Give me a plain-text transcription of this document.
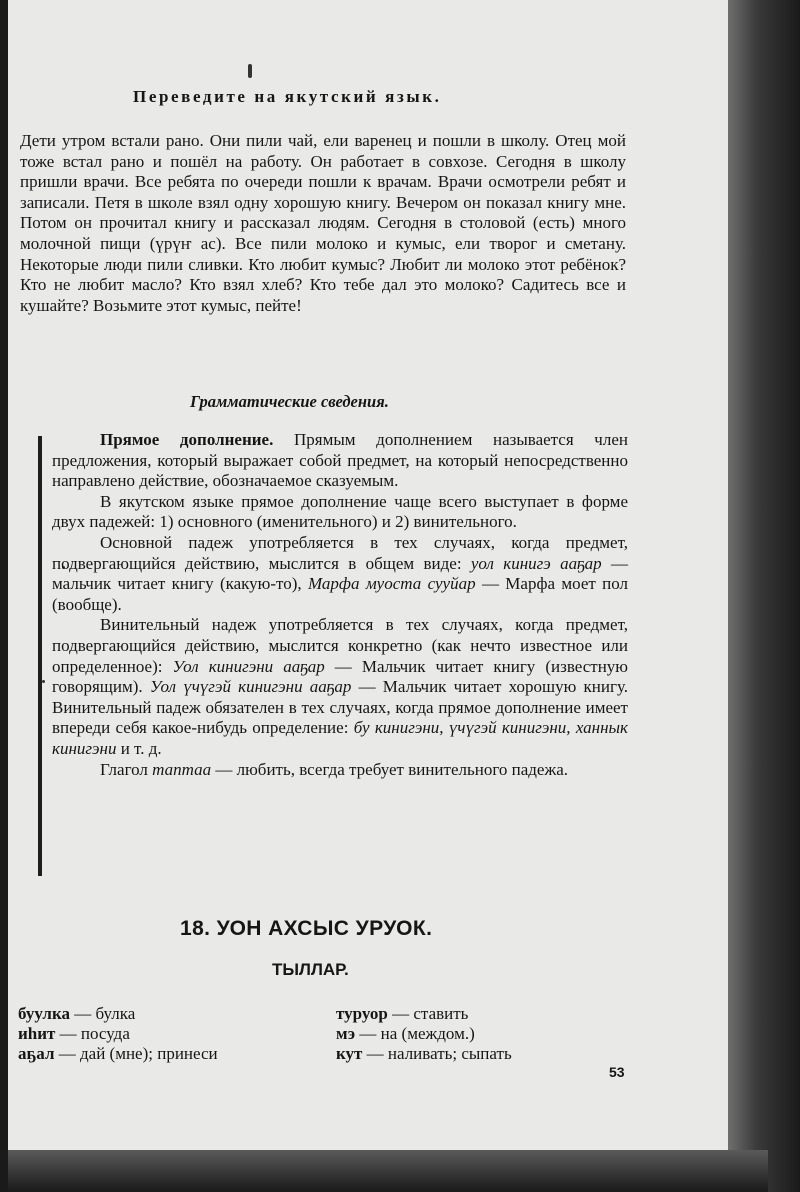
Переведите на якутский язык.
Дети утром встали рано. Они пили чай, ели варенец и пошли в школу. Отец мой тоже встал рано и пошёл на работу. Он работает в совхозе. Сегодня в школу пришли врачи. Все ребята по очереди пошли к врачам. Врачи осмотрели ребят и записали. Петя в школе взял одну хорошую книгу. Вечером он показал книгу мне. Потом он прочитал книгу и рассказал людям. Сегодня в столовой (есть) много молочной пищи (үрүҥ ас). Все пили молоко и кумыс, ели творог и сметану. Некоторые люди пили сливки. Кто любит кумыс? Любит ли молоко этот ребёнок? Кто не любит масло? Кто взял хлеб? Кто тебе дал это молоко? Садитесь все и кушайте? Возьмите этот кумыс, пейте!
Грамматические сведения.

Прямое дополнение. Прямым дополнением называется член предложения, который выражает собой предмет, на который непосредственно направлено действие, обозначаемое сказуемым.

В якутском языке прямое дополнение чаще всего выступает в форме двух падежей: 1) основного (именительного) и 2) винительного.

Основной падеж употребляется в тех случаях, когда предмет, подвергающийся действию, мыслится в общем виде: уол кинигэ ааҕар — мальчик читает книгу (какую-то), Марфа муоста сууйар — Марфа моет пол (вообще).

Винительный надеж употребляется в тех случаях, когда предмет, подвергающийся действию, мыслится конкретно (как нечто известное или определенное): Уол кинигэни ааҕар — Мальчик читает книгу (известную говорящим). Уол үчүгэй кинигэни ааҕар — Мальчик читает хорошую книгу. Винительный падеж обязателен в тех случаях, когда прямое дополнение имеет впереди себя какое-нибудь определение: бу кинигэни, үчүгэй кинигэни, ханнык кинигэни и т. д.

Глагол таптаа — любить, всегда требует винительного падежа.

18. УОН АХСЫС УРУОК.
ТЫЛЛАР.
буулка — булка
иһит — посуда
аҕал — дай (мне); принеси
туруор — ставить
мэ — на (междом.)
кут — наливать; сыпать
53
